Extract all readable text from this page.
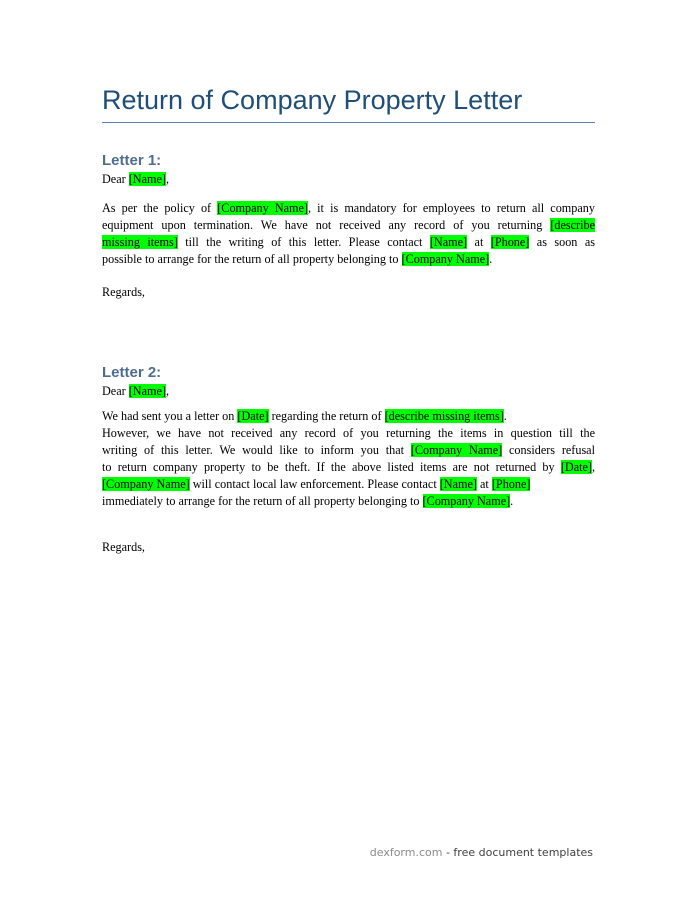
Return of Company Property Letter

Letter 1:

Dear [Name],

As per the policy of [Company Name], it is mandatory for employees to return all company

equipment upon termination. We have not received any record of you returning [describe

missing items] till the writing of this letter. Please contact [Name] at [Phone] as soon as

possible to arrange for the return of all property belonging to [Company Name].

Regards,

Letter 2:

Dear [Name],

We had sent you a letter on [Date] regarding the return of [describe missing items].

However, we have not received any record of you returning the items in question till the

writing of this letter. We would like to inform you that [Company Name] considers refusal

to return company property to be theft. If the above listed items are not returned by [Date],

[Company Name] will contact local law enforcement. Please contact [Name] at [Phone]

immediately to arrange for the return of all property belonging to [Company Name].

Regards,

dexform.com - free document templates
